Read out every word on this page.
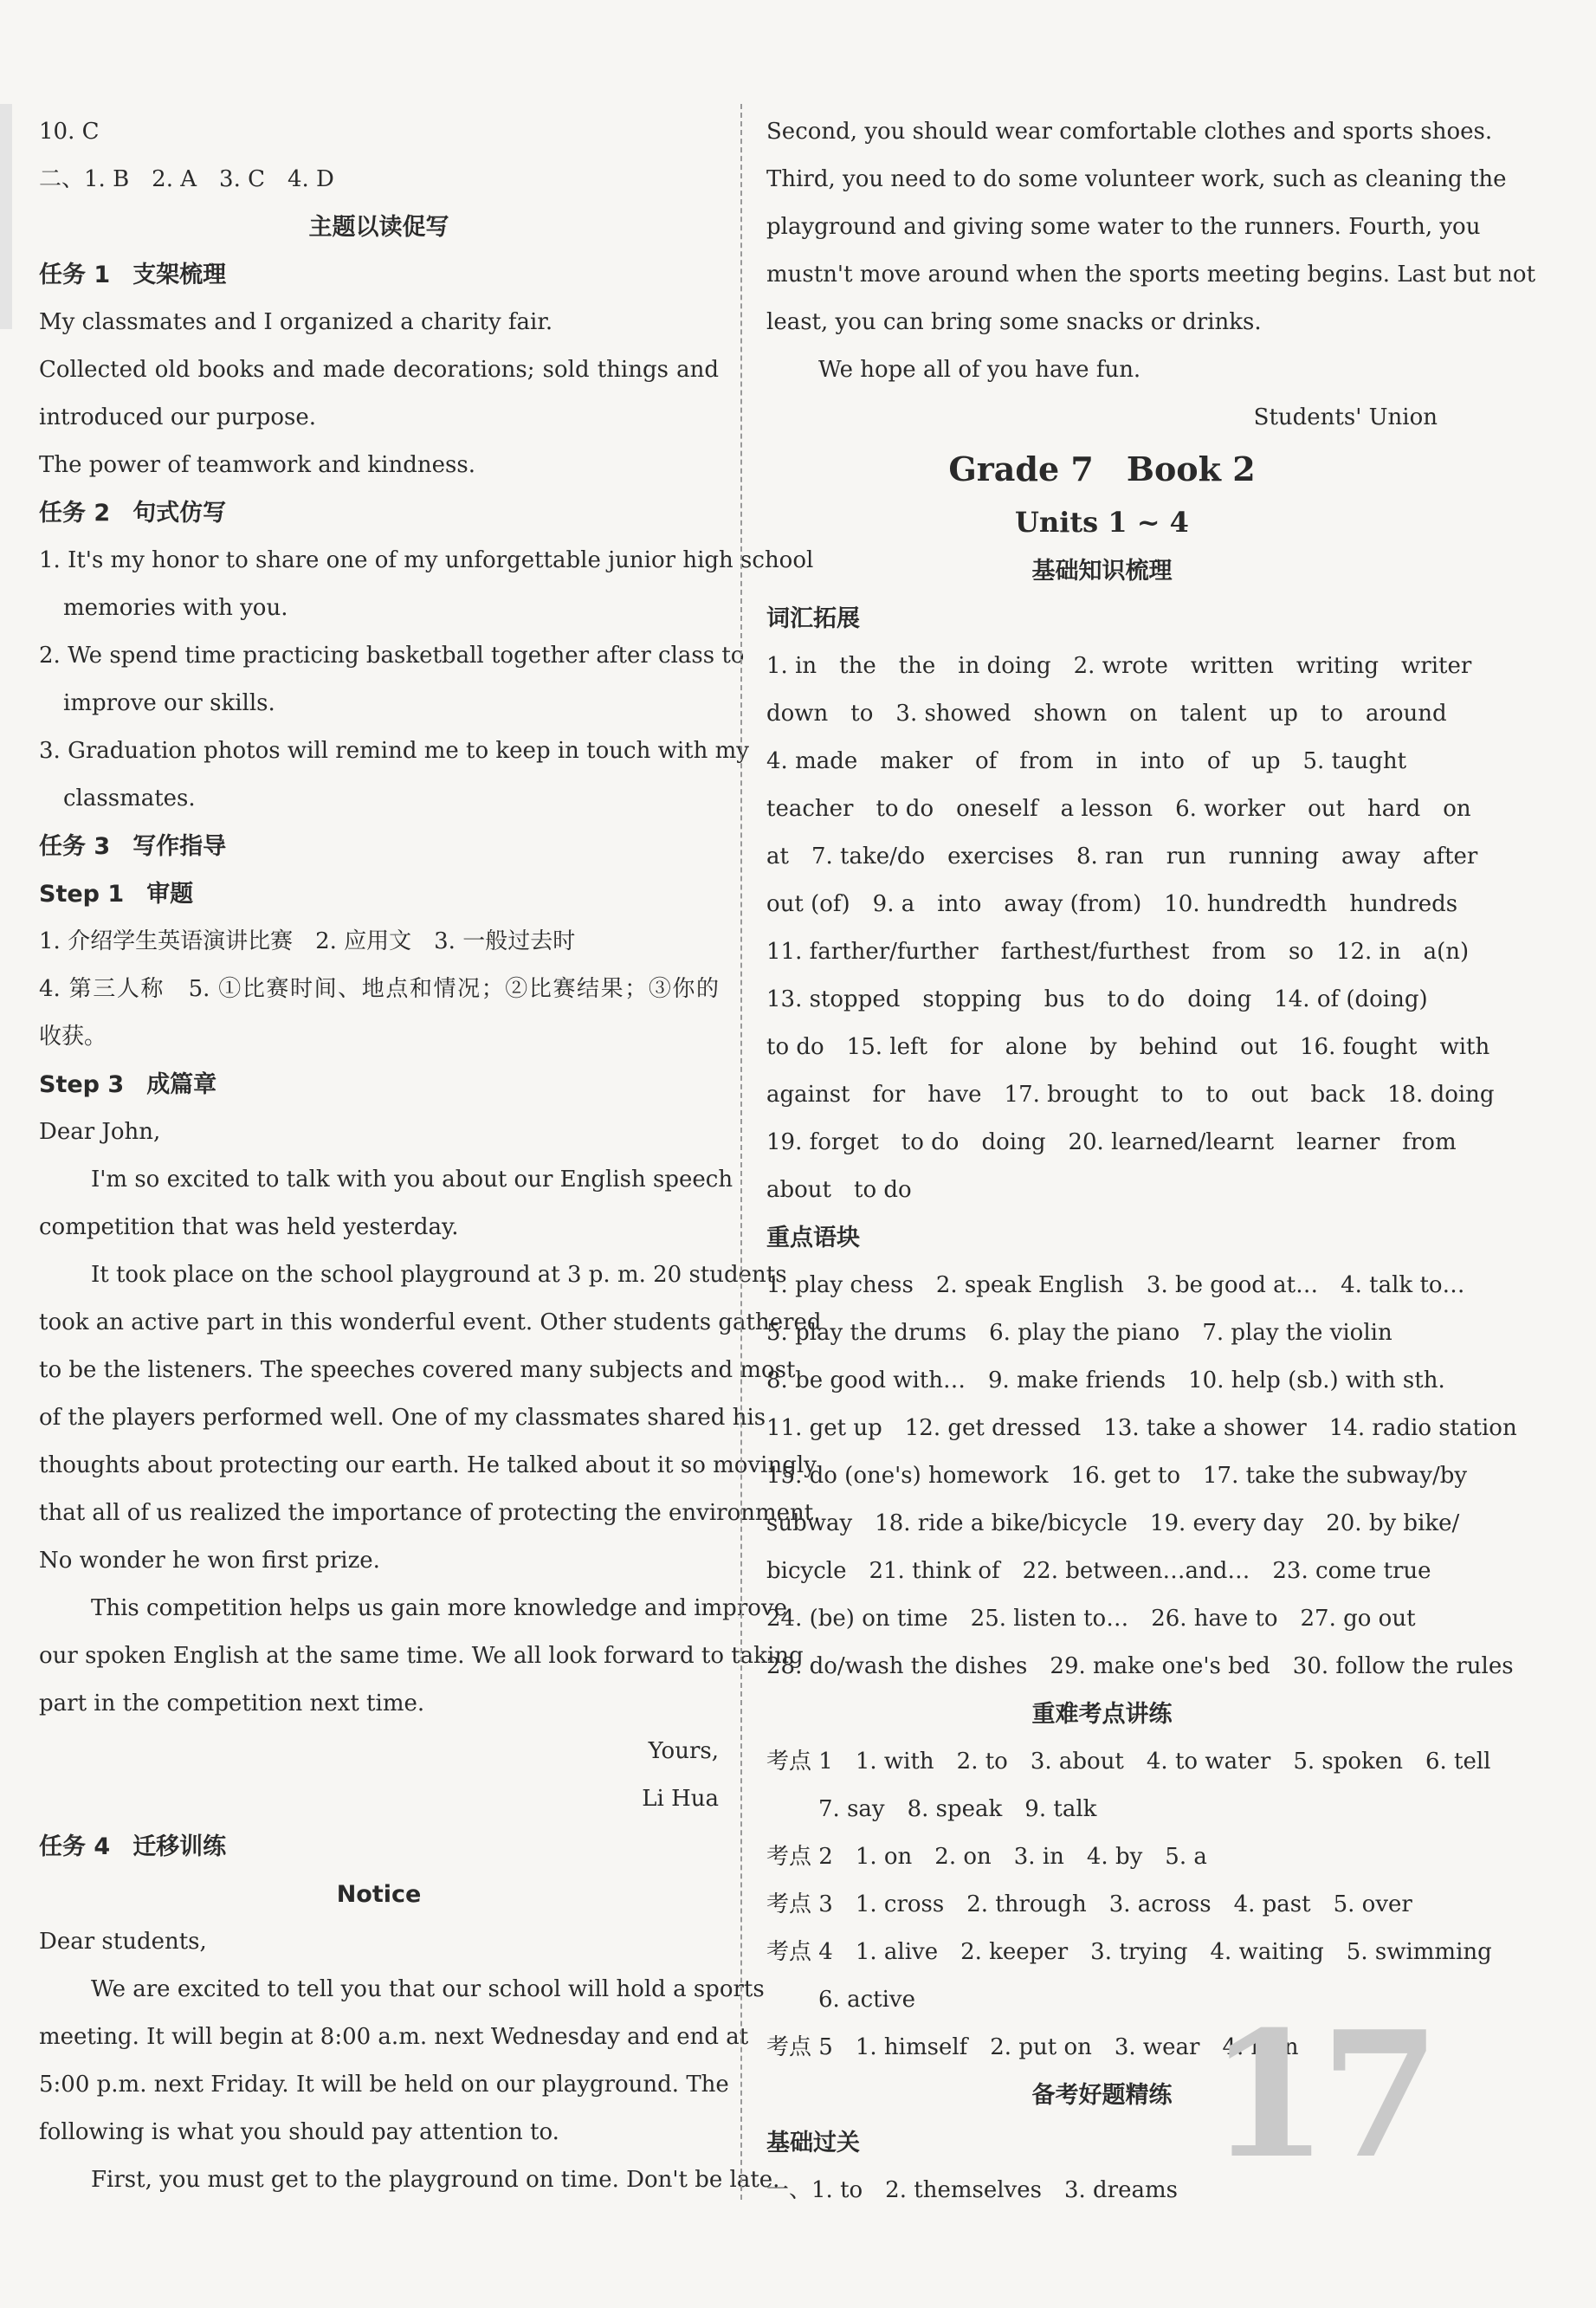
10. C
二、1. B　2. A　3. C　4. D
主题以读促写
任务 1 支架梳理
My classmates and I organized a charity fair.
Collected old books and made decorations; sold things and
introduced our purpose.
The power of teamwork and kindness.
任务 2 句式仿写
1. It's my honor to share one of my unforgettable junior high school
memories with you.
2. We spend time practicing basketball together after class to
improve our skills.
3. Graduation photos will remind me to keep in touch with my
classmates.
任务 3 写作指导
Step 1 审题
1. 介绍学生英语演讲比赛　2. 应用文　3. 一般过去时
4. 第三人称　5. ①比赛时间、地点和情况；②比赛结果；③你的
收获。
Step 3 成篇章
Dear John,
I'm so excited to talk with you about our English speech
competition that was held yesterday.
It took place on the school playground at 3 p. m. 20 students
took an active part in this wonderful event. Other students gathered
to be the listeners. The speeches covered many subjects and most
of the players performed well. One of my classmates shared his
thoughts about protecting our earth. He talked about it so movingly
that all of us realized the importance of protecting the environment.
No wonder he won first prize.
This competition helps us gain more knowledge and improve
our spoken English at the same time. We all look forward to taking
part in the competition next time.
Yours,
Li Hua
任务 4 迁移训练
Notice
Dear students,
We are excited to tell you that our school will hold a sports
meeting. It will begin at 8:00 a.m. next Wednesday and end at
5:00 p.m. next Friday. It will be held on our playground. The
following is what you should pay attention to.
First, you must get to the playground on time. Don't be late.
Second, you should wear comfortable clothes and sports shoes.
Third, you need to do some volunteer work, such as cleaning the
playground and giving some water to the runners. Fourth, you
mustn't move around when the sports meeting begins. Last but not
least, you can bring some snacks or drinks.
We hope all of you have fun.
Students' Union
Grade 7　Book 2
Units 1 ~ 4
基础知识梳理
词汇拓展
1. in　the　the　in doing　2. wrote　written　writing　writer
down　to　3. showed　shown　on　talent　up　to　around
4. made　maker　of　from　in　into　of　up　5. taught
teacher　to do　oneself　a lesson　6. worker　out　hard　on
at　7. take/do　exercises　8. ran　run　running　away　after
out (of)　9. a　into　away (from)　10. hundredth　hundreds
11. farther/further　farthest/furthest　from　so　12. in　a(n)
13. stopped　stopping　bus　to do　doing　14. of (doing)
to do　15. left　for　alone　by　behind　out　16. fought　with
against　for　have　17. brought　to　to　out　back　18. doing
19. forget　to do　doing　20. learned/learnt　learner　from
about　to do
重点语块
1. play chess　2. speak English　3. be good at…　4. talk to…
5. play the drums　6. play the piano　7. play the violin
8. be good with…　9. make friends　10. help (sb.) with sth.
11. get up　12. get dressed　13. take a shower　14. radio station
15. do (one's) homework　16. get to　17. take the subway/by
subway　18. ride a bike/bicycle　19. every day　20. by bike/
bicycle　21. think of　22. between…and…　23. come true
24. (be) on time　25. listen to…　26. have to　27. go out
28. do/wash the dishes　29. make one's bed　30. follow the rules
重难考点讲练
考点 1 1. with　2. to　3. about　4. to water　5. spoken　6. tell
7. say　8. speak　9. talk
考点 2 1. on　2. on　3. in　4. by　5. a
考点 3 1. cross　2. through　3. across　4. past　5. over
考点 4 1. alive　2. keeper　3. trying　4. waiting　5. swimming
6. active
考点 5 1. himself　2. put on　3. wear　4. is in
备考好题精练
基础过关
一、1. to　2. themselves　3. dreams 17
